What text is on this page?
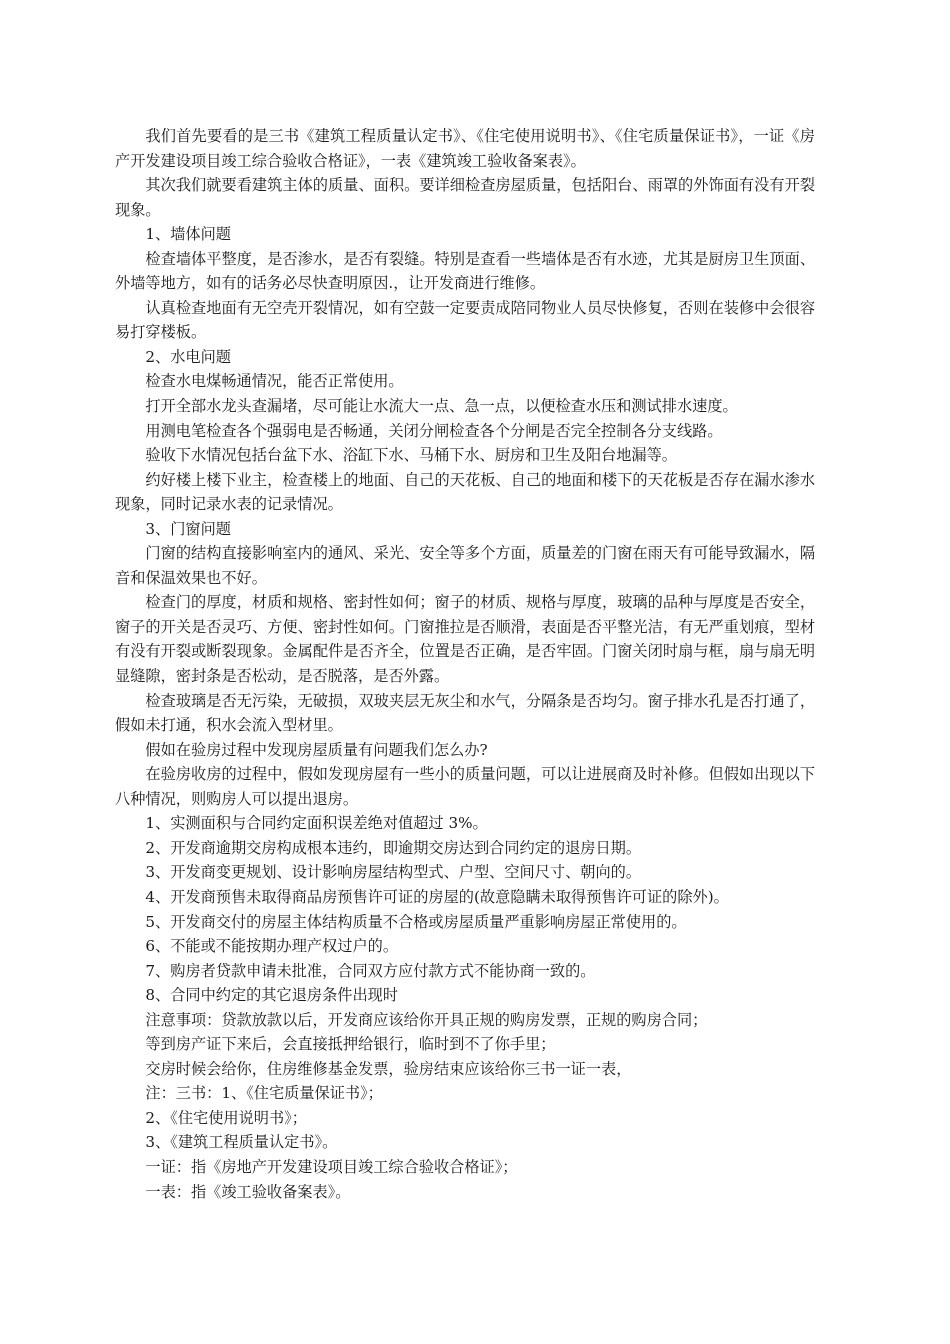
我们首先要看的是三书《建筑工程质量认定书》、《住宅使用说明书》、《住宅质量保证书》，一证《房产开发建设项目竣工综合验收合格证》，一表《建筑竣工验收备案表》。

其次我们就要看建筑主体的质量、面积。要详细检查房屋质量，包括阳台、雨罩的外饰面有没有开裂现象。

1、墙体问题

检查墙体平整度，是否渗水，是否有裂缝。特别是查看一些墙体是否有水迹，尤其是厨房卫生顶面、外墙等地方，如有的话务必尽快查明原因.，让开发商进行维修。

认真检查地面有无空壳开裂情况，如有空鼓一定要责成陪同物业人员尽快修复，否则在装修中会很容易打穿楼板。

2、水电问题

检查水电煤畅通情况，能否正常使用。

打开全部水龙头查漏堵，尽可能让水流大一点、急一点，以便检查水压和测试排水速度。

用测电笔检查各个强弱电是否畅通，关闭分闸检查各个分闸是否完全控制各分支线路。

验收下水情况包括台盆下水、浴缸下水、马桶下水、厨房和卫生及阳台地漏等。

约好楼上楼下业主，检查楼上的地面、自己的天花板、自己的地面和楼下的天花板是否存在漏水渗水现象，同时记录水表的记录情况。

3、门窗问题

门窗的结构直接影响室内的通风、采光、安全等多个方面，质量差的门窗在雨天有可能导致漏水，隔音和保温效果也不好。

检查门的厚度，材质和规格、密封性如何；窗子的材质、规格与厚度，玻璃的品种与厚度是否安全，窗子的开关是否灵巧、方便、密封性如何。门窗推拉是否顺滑，表面是否平整光洁，有无严重划痕，型材有没有开裂或断裂现象。金属配件是否齐全，位置是否正确，是否牢固。门窗关闭时扇与框，扇与扇无明显缝隙，密封条是否松动，是否脱落，是否外露。

检查玻璃是否无污染，无破损，双玻夹层无灰尘和水气，分隔条是否均匀。窗子排水孔是否打通了，假如未打通，积水会流入型材里。

假如在验房过程中发现房屋质量有问题我们怎么办?

在验房收房的过程中，假如发现房屋有一些小的质量问题，可以让进展商及时补修。但假如出现以下八种情况，则购房人可以提出退房。

1、实测面积与合同约定面积误差绝对值超过 3%。

2、开发商逾期交房构成根本违约，即逾期交房达到合同约定的退房日期。

3、开发商变更规划、设计影响房屋结构型式、户型、空间尺寸、朝向的。

4、开发商预售未取得商品房预售许可证的房屋的(故意隐瞒未取得预售许可证的除外)。

5、开发商交付的房屋主体结构质量不合格或房屋质量严重影响房屋正常使用的。

6、不能或不能按期办理产权过户的。

7、购房者贷款申请未批准，合同双方应付款方式不能协商一致的。

8、合同中约定的其它退房条件出现时

注意事项：贷款放款以后，开发商应该给你开具正规的购房发票，正规的购房合同；

等到房产证下来后，会直接抵押给银行，临时到不了你手里；

交房时候会给你，住房维修基金发票，验房结束应该给你三书一证一表，

注：三书：1、《住宅质量保证书》；

2、《住宅使用说明书》；

3、《建筑工程质量认定书》。

一证：指《房地产开发建设项目竣工综合验收合格证》；

一表：指《竣工验收备案表》。
